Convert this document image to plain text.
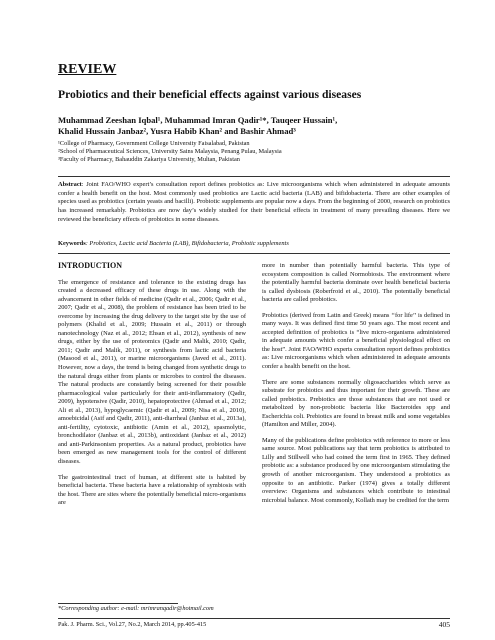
REVIEW
Probiotics and their beneficial effects against various diseases
Muhammad Zeeshan Iqbal¹, Muhammad Imran Qadir¹*, Tauqeer Hussain¹,
Khalid Hussain Janbaz², Yusra Habib Khan² and Bashir Ahmad³
¹College of Pharmacy, Government College University Faisalabad, Pakistan
²School of Pharmaceutical Sciences, University Sains Malaysia, Penang Pulau, Malaysia
³Faculty of Pharmacy, Bahauddin Zakariya University, Multan, Pakistan
Abstract: Joint FAO/WHO expert’s consultation report defines probiotics as: Live microorganisms which when administered in adequate amounts confer a health benefit on the host. Most commonly used probiotics are Lactic acid bacteria (LAB) and bifidobacteria. There are other examples of species used as probiotics (certain yeasts and bacilli). Probiotic supplements are popular now a days. From the beginning of 2000, research on probiotics has increased remarkably. Probiotics are now day’s widely studied for their beneficial effects in treatment of many prevailing diseases. Here we reviewed the beneficiary effects of probiotics in some diseases.
Keywords: Probiotics, Lactic acid Bacteria (LAB), Bifidobacteria, Probiotic supplements

INTRODUCTION

The emergence of resistance and tolerance to the existing drugs has created a decreased efficacy of these drugs in use. Along with the advancement in other fields of medicine (Qadir et al., 2006; Qadir et al., 2007; Qadir et al., 2008), the problem of resistance has been tried to be overcome by increasing the drug delivery to the target site by the use of polymers (Khalid et al., 2009; Hussain et al., 2011) or through nanotechnology (Naz et al., 2012; Ehsan et al., 2012), synthesis of new drugs, either by the use of proteomics (Qadir and Malik, 2010; Qadir, 2011; Qadir and Malik, 2011), or synthesis from lactic acid bacteria (Masood et al., 2011), or marine microorganisms (Javed et al., 2011). However, now a days, the trend is being changed from synthetic drugs to the natural drugs either from plants or microbes to control the diseases. The natural products are constantly being screened for their possible pharmacological value particularly for their anti-inflammatory (Qadir, 2009), hypotensive (Qadir, 2010), hepatoprotective (Ahmad et al., 2012; Ali et al., 2013), hypoglycaemic (Qadir et al., 2009; Nisa et al., 2010), amoebicidal (Asif and Qadir, 2011), anti-diarrheal (Janbaz et al., 2013a), anti-fertility, cytotoxic, antibiotic (Amin et al., 2012), spasmolytic, bronchodilator (Janbaz et al., 2013b), antioxidant (Janbaz et al., 2012) and anti-Parkinsonism properties. As a natural product, probiotics have been emerged as new management tools for the control of different diseases.

The gastrointestinal tract of human, at different site is habited by beneficial bacteria. These bacteria have a relationship of symbiosis with the host. There are sites where the potentially beneficial micro-organisms are

more in number than potentially harmful bacteria. This type of ecosystem composition is called Normobiosis. The environment where the potentially harmful bacteria dominate over health beneficial bacteria is called dysbiosis (Roberfroid et al., 2010). The potentially beneficial bacteria are called probiotics.

Probiotics (derived from Latin and Greek) means ‘‘for life’’ is defined in many ways. It was defined first time 50 years ago. The most recent and accepted definition of probiotics is “live micro-organisms administered in adequate amounts which confer a beneficial physiological effect on the host”. Joint FAO/WHO experts consultation report defines probiotics as: Live microorganisms which when administered in adequate amounts confer a health benefit on the host.

There are some substances normally oligosaccharides which serve as substrate for probiotics and thus important for their growth. These are called prebiotics. Prebiotics are those substances that are not used or metabolized by non-probiotic bacteria like Bacteroides spp and Escherichia coli. Prebiotics are found in breast milk and some vegetables (Hamilton and Miller, 2004).

Many of the publications define probiotics with reference to more or less same source. Most publications say that term probiotics is attributed to Lilly and Stillwell who had coined the term first in 1965. They defined probiotic as: a substance produced by one microorganism stimulating the growth of another microorganism. They understood a probiotics as opposite to an antibiotic. Parker (1974) gives a totally different overview: Organisms and substances which contribute to intestinal microbial balance. Most commonly, Kollath may be credited for the term

*Corresponding author: e-mail: mrimranqadir@hotmail.com
Pak. J. Pharm. Sci., Vol.27, No.2, March 2014, pp.405-415	405
